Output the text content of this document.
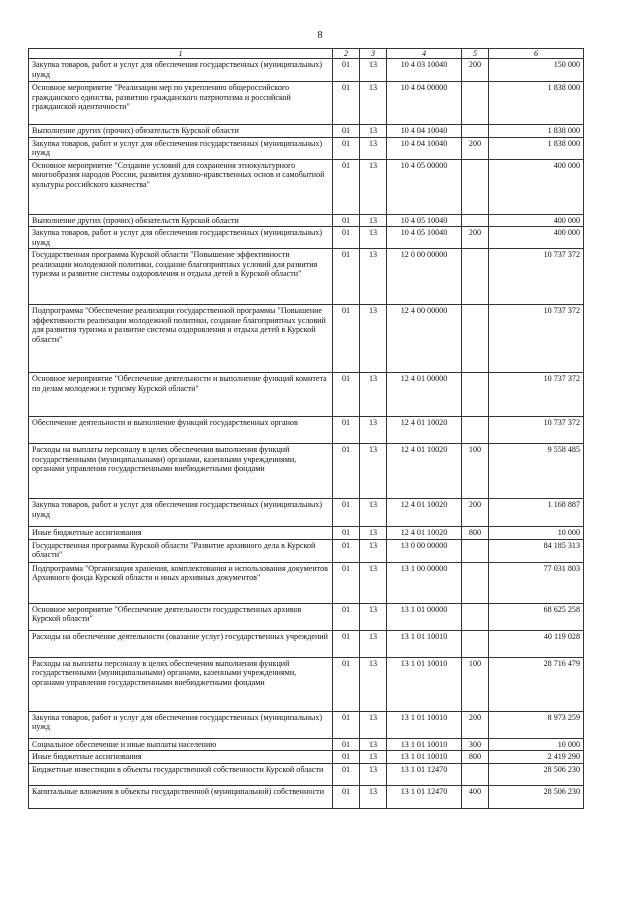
8
1	2	3	4	5	6
Закупка товаров, работ и услуг для обеспечения государственных (муниципальных) нужд	01	13	10 4 03 10040	200	150 000
Основное мероприятие "Реализация мер по укреплению общероссийского гражданского единства, развитию гражданского патриотизма и российской гражданской идентичности"	01	13	10 4 04 00000		1 838 000
Выполнение других (прочих) обязательств Курской области	01	13	10 4 04 10040		1 838 000
Закупка товаров, работ и услуг для обеспечения государственных (муниципальных) нужд	01	13	10 4 04 10040	200	1 838 000
Основное мероприятие "Создание условий для сохранения этнокультурного многообразия народов России, развития духовно-нравственных основ и самобытной культуры российского казачества"	01	13	10 4 05 00000		400 000
Выполнение других (прочих) обязательств Курской области	01	13	10 4 05 10040		400 000
Закупка товаров, работ и услуг для обеспечения государственных (муниципальных) нужд	01	13	10 4 05 10040	200	400 000
Государственная программа Курской области "Повышение эффективности реализации молодежной политики, создание благоприятных условий для развития туризма и развитие системы оздоровления и отдыха детей в Курской области"	01	13	12 0 00 00000		10 737 372
Подпрограмма "Обеспечение реализации государственной программы "Повышение эффективности реализации молодежной политики, создание благоприятных условий для развития туризма и развитие системы оздоровления и отдыха детей в Курской области"	01	13	12 4 00 00000		10 737 372
Основное мероприятие "Обеспечение деятельности и выполнение функций комитета по делам молодежи и туризму Курской области"	01	13	12 4 01 00000		10 737 372
Обеспечение деятельности и выполнение функций государственных органов	01	13	12 4 01 10020		10 737 372
Расходы на выплаты персоналу в целях обеспечения выполнения функций государственными (муниципальными) органами, казенными учреждениями, органами управления государственными внебюджетными фондами	01	13	12 4 01 10020	100	9 558 485
Закупка товаров, работ и услуг для обеспечения государственных (муниципальных) нужд	01	13	12 4 01 10020	200	1 168 887
Иные бюджетные ассигнования	01	13	12 4 01 10020	800	10 000
Государственная программа Курской области "Развитие архивного дела в Курской области"	01	13	13 0 00 00000		84 185 313
Подпрограмма "Организация хранения, комплектования и использования документов Архивного фонда Курской области и иных архивных документов"	01	13	13 1 00 00000		77 031 803
Основное мероприятие "Обеспечение деятельности государственных архивов Курской области"	01	13	13 1 01 00000		68 625 258
Расходы на обеспечение деятельности (оказание услуг) государственных учреждений	01	13	13 1 01 10010		40 119 028
Расходы на выплаты персоналу в целях обеспечения выполнения функций государственными (муниципальными) органами, казенными учреждениями, органами управления государственными внебюджетными фондами	01	13	13 1 01 10010	100	28 716 479
Закупка товаров, работ и услуг для обеспечения государственных (муниципальных) нужд	01	13	13 1 01 10010	200	8 973 259
Социальное обеспечение и иные выплаты населению	01	13	13 1 01 10010	300	10 000
Иные бюджетные ассигнования	01	13	13 1 01 10010	800	2 419 290
Бюджетные инвестиции в объекты государственной собственности Курской области	01	13	13 1 01 12470		28 506 230
Капитальные вложения в объекты государственной (муниципальной) собственности	01	13	13 1 01 12470	400	28 506 230
